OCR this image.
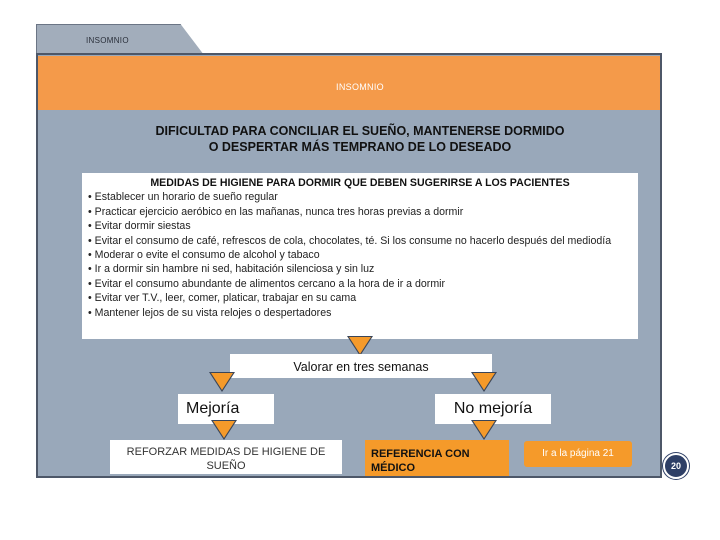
INSOMNIO
INSOMNIO
DIFICULTAD PARA CONCILIAR EL SUEÑO, MANTENERSE DORMIDO
O DESPERTAR MÁS TEMPRANO DE LO DESEADO
MEDIDAS DE HIGIENE PARA DORMIR QUE DEBEN SUGERIRSE A LOS PACIENTES
• Establecer un horario de sueño regular
• Practicar ejercicio aeróbico en las mañanas, nunca tres horas previas a dormir
• Evitar dormir siestas
• Evitar el consumo de café, refrescos de cola, chocolates, té. Si los consume no hacerlo después del mediodía
• Moderar o evite el consumo de alcohol y tabaco
• Ir a dormir sin hambre ni sed, habitación silenciosa y sin luz
• Evitar el consumo abundante de alimentos cercano a la hora de ir a dormir
• Evitar ver T.V., leer, comer, platicar, trabajar en su cama
• Mantener lejos de su vista relojes o despertadores
Valorar en tres semanas
Mejoría	No mejoría
REFORZAR MEDIDAS DE HIGIENE DE SUEÑO
REFERENCIA CON MÉDICO
Ir a la página 21
20
